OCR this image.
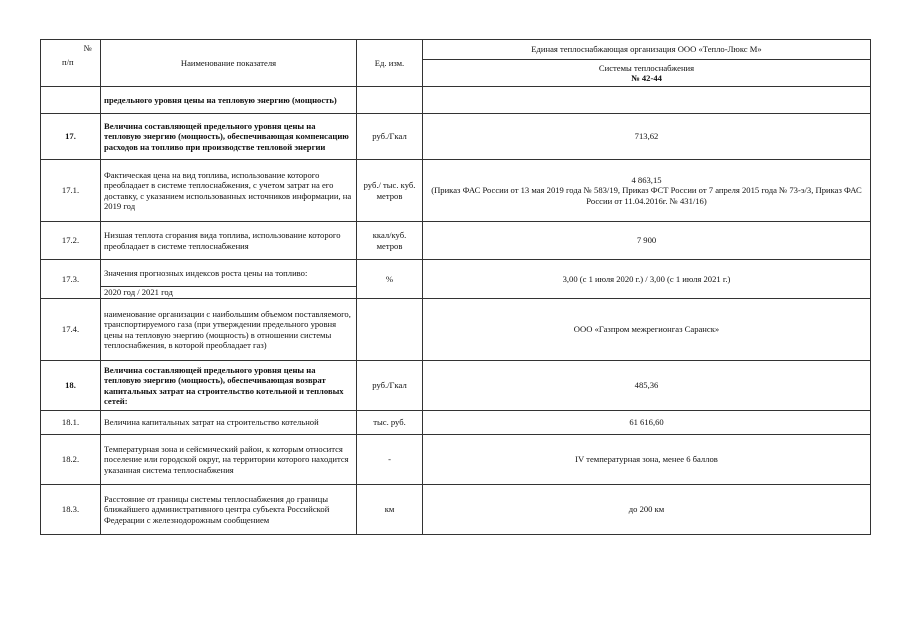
№
п/п	Наименование показателя	Ед. изм.	Единая теплоснабжающая организация ООО «Тепло-Люкс М»

			Системы теплоснабжения
№ 42-44

	предельного уровня цены на тепловую энергию (мощность)		
17.	Величина составляющей предельного уровня цены на тепловую энергию (мощность), обеспечивающая компенсацию расходов на топливо при производстве тепловой энергии	руб./Гкал	713,62
17.1.	Фактическая цена на вид топлива, использование которого преобладает в системе теплоснабжения, с учетом затрат на его доставку, с указанием использованных источников информации, на 2019 год	руб./ тыс. куб. метров	4 863,15
(Приказ ФАС России от 13 мая 2019 года № 583/19, Приказ ФСТ России от 7 апреля 2015 года № 73-э/3, Приказ ФАС России от 11.04.2016г. № 431/16)

17.2.	Низшая теплота сгорания вида топлива, использование которого преобладает в системе теплоснабжения	ккал/куб. метров	7 900
17.3.	Значения прогнозных индексов роста цены на топливо:	%	3,00 (с 1 июля 2020 г.) / 3,00 (с 1 июля 2021 г.)
	2020 год / 2021 год		
17.4.	наименование организации с наибольшим объемом поставляемого, транспортируемого газа (при утверждении предельного уровня цены на тепловую энергию (мощность) в отношении системы теплоснабжения, в которой преобладает газ)		ООО «Газпром межрегионгаз Саранск»
18.	Величина составляющей предельного уровня цены на тепловую энергию (мощность), обеспечивающая возврат капитальных затрат на строительство котельной и тепловых сетей:	руб./Гкал	485,36
18.1.	Величина капитальных затрат на строительство котельной	тыс. руб.	61 616,60
18.2.	Температурная зона и сейсмический район, к которым относится поселение или городской округ, на территории которого находится указанная система теплоснабжения	-	IV температурная зона, менее 6 баллов
18.3.	Расстояние от границы системы теплоснабжения до границы ближайшего административного центра субъекта Российской Федерации с железнодорожным сообщением	км	до 200 км
